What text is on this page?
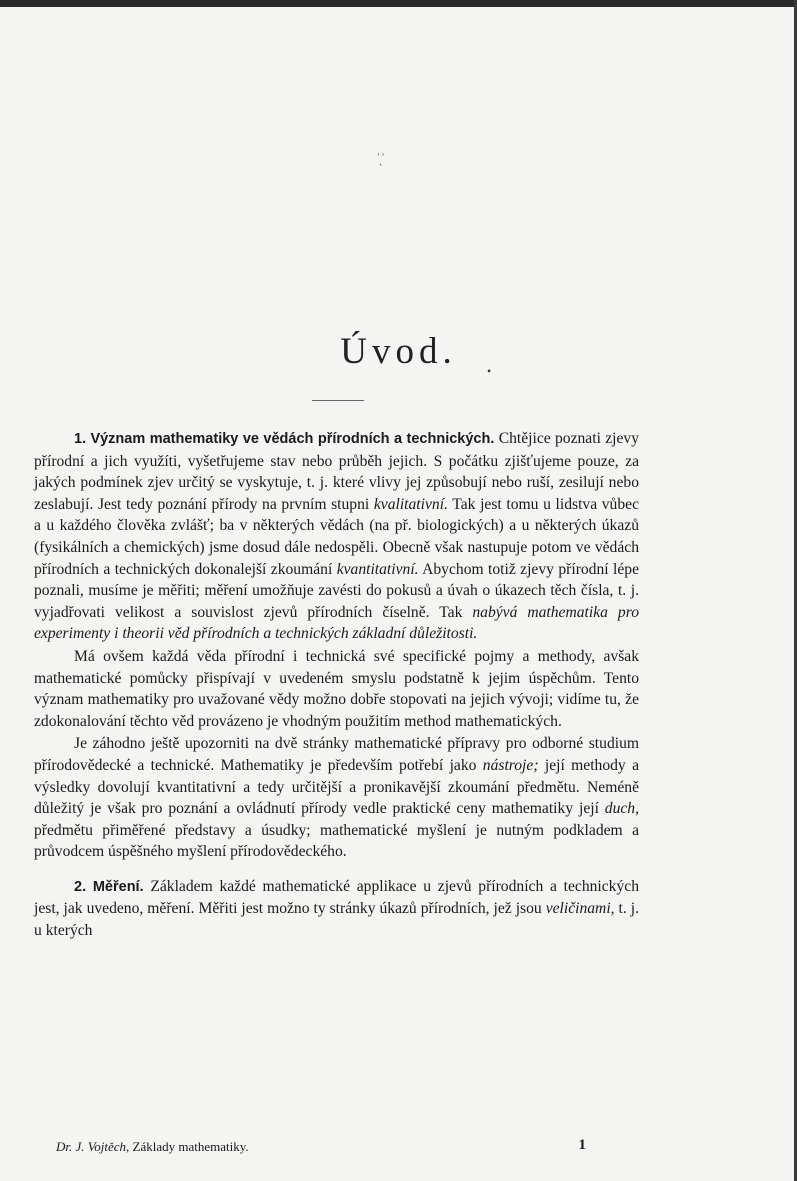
ˈ̣ʾ
Úvod.	•

1. Význam mathematiky ve vědách přírodních a technických. Chtějice poznati zjevy přírodní a jich využíti, vyšetřujeme stav nebo průběh jejich. S počátku zjišťujeme pouze, za jakých podmínek zjev určitý se vyskytuje, t. j. které vlivy jej způsobují nebo ruší, zesilují nebo zeslabují. Jest tedy poznání přírody na prvním stupni kvalitativní. Tak jest tomu u lidstva vůbec a u každého člověka zvlášť; ba v některých vědách (na př. biologických) a u některých úkazů (fysikálních a chemických) jsme dosud dále nedospěli. Obecně však nastupuje potom ve vědách přírodních a technických dokonalejší zkoumání kvantitativní. Abychom totiž zjevy přírodní lépe poznali, musíme je měřiti; měření umožňuje zavésti do pokusů a úvah o úkazech těch čísla, t. j. vyjadřovati velikost a souvislost zjevů přírodních číselně. Tak nabývá mathematika pro experimenty i theorii věd přírodních a technických základní důležitosti.

Má ovšem každá věda přírodní i technická své specifické pojmy a methody, avšak mathematické pomůcky přispívají v uvedeném smyslu podstatně k jejim úspěchům. Tento význam mathematiky pro uvažované vědy možno dobře stopovati na jejich vývoji; vidíme tu, že zdokonalování těchto věd provázeno je vhodným použitím method mathematických.

Je záhodno ještě upozorniti na dvě stránky mathematické přípravy pro odborné studium přírodovědecké a technické. Mathematiky je především potřebí jako nástroje; její methody a výsledky dovolují kvantitativní a tedy určitější a pronikavější zkoumání předmětu. Neméně důležitý je však pro poznání a ovládnutí přírody vedle praktické ceny mathematiky její duch, předmětu přiměřené představy a úsudky; mathematické myšlení je nutným podkladem a průvodcem úspěšného myšlení přírodovědeckého.

2. Měření. Základem každé mathematické applikace u zjevů přírodních a technických jest, jak uvedeno, měření. Měřiti jest možno ty stránky úkazů přírodních, jež jsou veličinami, t. j. u kterých

Dr. J. Vojtěch, Základy mathematiky.	1
